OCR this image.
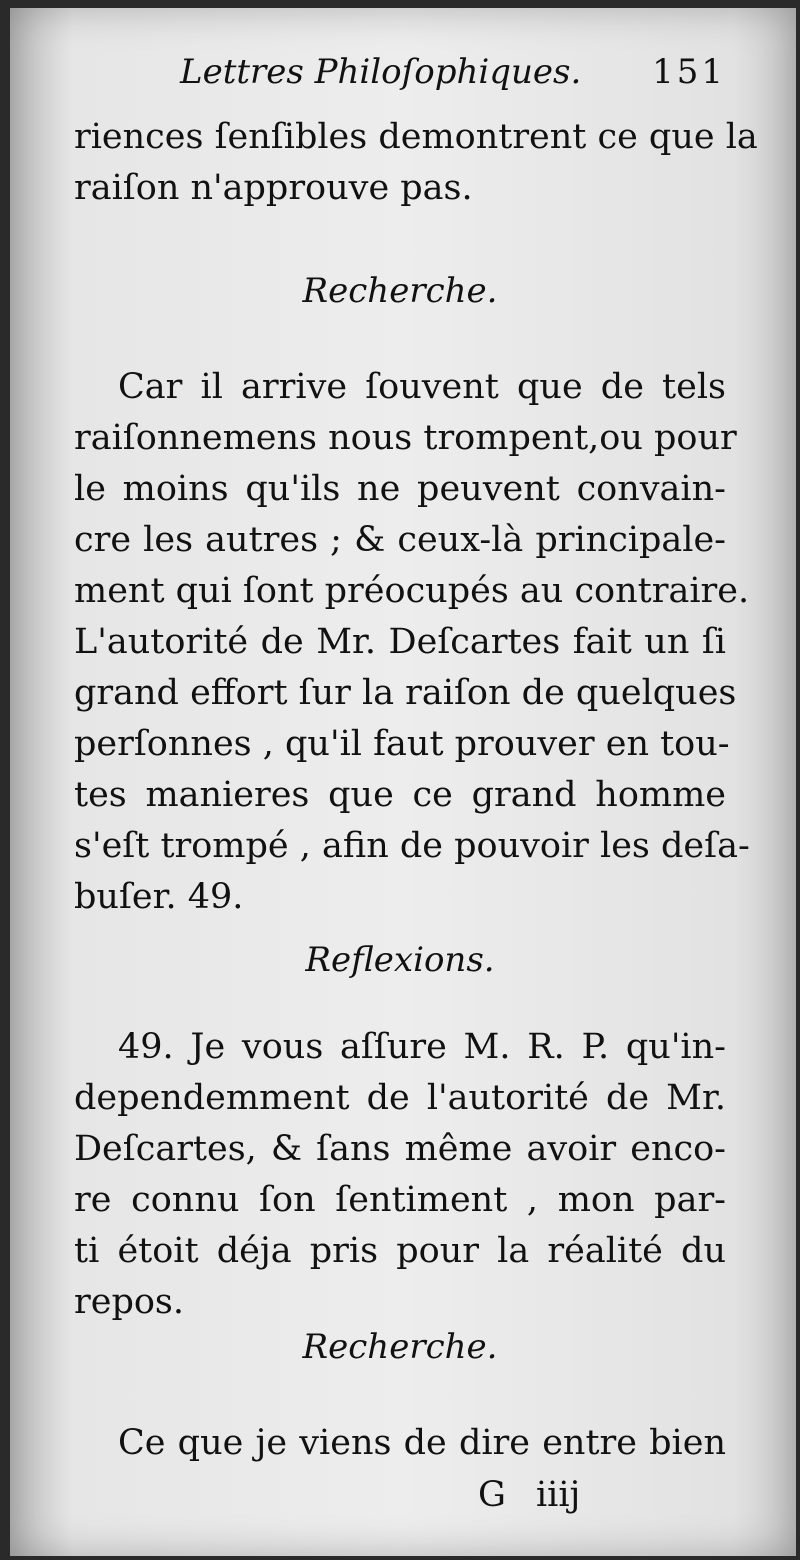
Lettres Philoſophiques. 151
riences ſenſibles demontrent ce que la
raiſon n'approuve pas.
Recherche.
Car il arrive ſouvent que de tels
raiſonnemens nous trompent,ou pour
le moins qu'ils ne peuvent convain-
cre les autres ; & ceux-là principale-
ment qui ſont préocupés au contraire.
L'autorité de Mr. Deſcartes fait un ſi
grand effort ſur la raiſon de quelques
perſonnes , qu'il faut prouver en tou-
tes manieres que ce grand homme
s'eſt trompé , afin de pouvoir les deſa-
buſer. 49.
Reflexions.
49. Je vous aſſure M. R. P. qu'in-
dependemment de l'autorité de Mr.
Deſcartes, & ſans même avoir enco-
re connu ſon ſentiment , mon par-
ti étoit déja pris pour la réalité du
repos.
Recherche.
Ce que je viens de dire entre bien
G iiij
